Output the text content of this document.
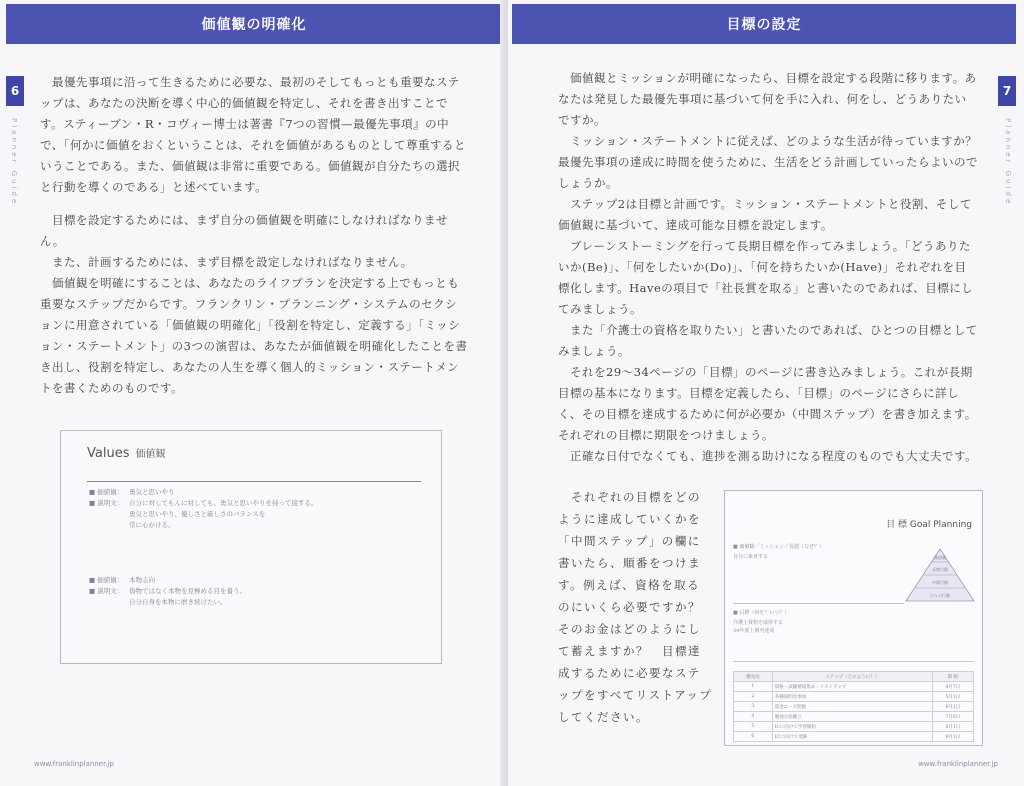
価値観の明確化
6
Planner Guide

　最優先事項に沿って生きるために必要な、最初のそしてもっとも重要なステップは、あなたの決断を導く中心的価値観を特定し、それを書き出すことです。スティーブン・R・コヴィー博士は著書『7つの習慣—最優先事項』の中で、「何かに価値をおくということは、それを価値があるものとして尊重するということである。また、価値観は非常に重要である。価値観が自分たちの選択と行動を導くのである」と述べています。

　目標を設定するためには、まず自分の価値観を明確にしなければなりません。

　また、計画するためには、まず目標を設定しなければなりません。

　価値観を明確にすることは、あなたのライフプランを決定する上でもっとも重要なステップだからです。フランクリン・プランニング・システムのセクションに用意されている「価値観の明確化」「役割を特定し、定義する」「ミッション・ステートメント」の3つの演習は、あなたが価値観を明確化したことを書き出し、役割を特定し、あなたの人生を導く個人的ミッション・ステートメントを書くためのものです。

Values 価値観
■ 価値観： 勇気と思いやり
■ 説明文： 自分に対してもんに対しても、勇気と思いやりを持って接する。
勇気と思いやり、優しさと厳しさのバランスを
常に心がける。
■ 価値観： 本物志向
■ 説明文： 偽物ではなく本物を見極める目を養う。
自分自身を本物に磨き続けたい。
www.franklinplanner.jp
目標の設定
7
Planner Guide

　価値観とミッションが明確になったら、目標を設定する段階に移ります。あなたは発見した最優先事項に基づいて何を手に入れ、何をし、どうありたいですか。

　ミッション・ステートメントに従えば、どのような生活が待っていますか？最優先事項の達成に時間を使うために、生活をどう計画していったらよいのでしょうか。

　ステップ2は目標と計画です。ミッション・ステートメントと役割、そして価値観に基づいて、達成可能な目標を設定します。

　ブレーンストーミングを行って長期目標を作ってみましょう。「どうありたいか(Be)」、「何をしたいか(Do)」、「何を持ちたいか(Have)」それぞれを目標化します。Haveの項目で「社長賞を取る」と書いたのであれば、目標にしてみましょう。

　また「介護士の資格を取りたい」と書いたのであれば、ひとつの目標としてみましょう。

　それを29〜34ページの「目標」のページに書き込みましょう。これが長期目標の基本になります。目標を定義したら、「目標」のページにさらに詳しく、その目標を達成するために何が必要か（中間ステップ）を書き加えます。それぞれの目標に期限をつけましょう。

　正確な日付でなくても、進捗を測る助けになる程度のものでも大丈夫です。

　それぞれの目標をどのように達成していくかを「中間ステップ」の欄に書いたら、順番をつけます。例えば、資格を取るのにいくら必要ですか？　そのお金はどのようにして蓄えますか？　目標達成するために必要なステップをすべてリストアップしてください。

目 標 Goal Planning
■ 価値観／ミッション／役割（なぜ？）
自分に素直する	価値観
長期目標
中間目標
日々の行動
■ 目標（何を？いつ？）
介護士資格を取得する
34年度上期内達成
優先度	ステップ（どのように？）	期 限
1	資格・試験情報集め・リストアップ	4月7日
2	各種説明会参加	5月1日
3	資金ニーズ把握	6月1日
4	勉強方法確立	7月6日
5	ICに向けて学習開始	8月1日
6	ICに向けて受験	9月1日
www.franklinplanner.jp
